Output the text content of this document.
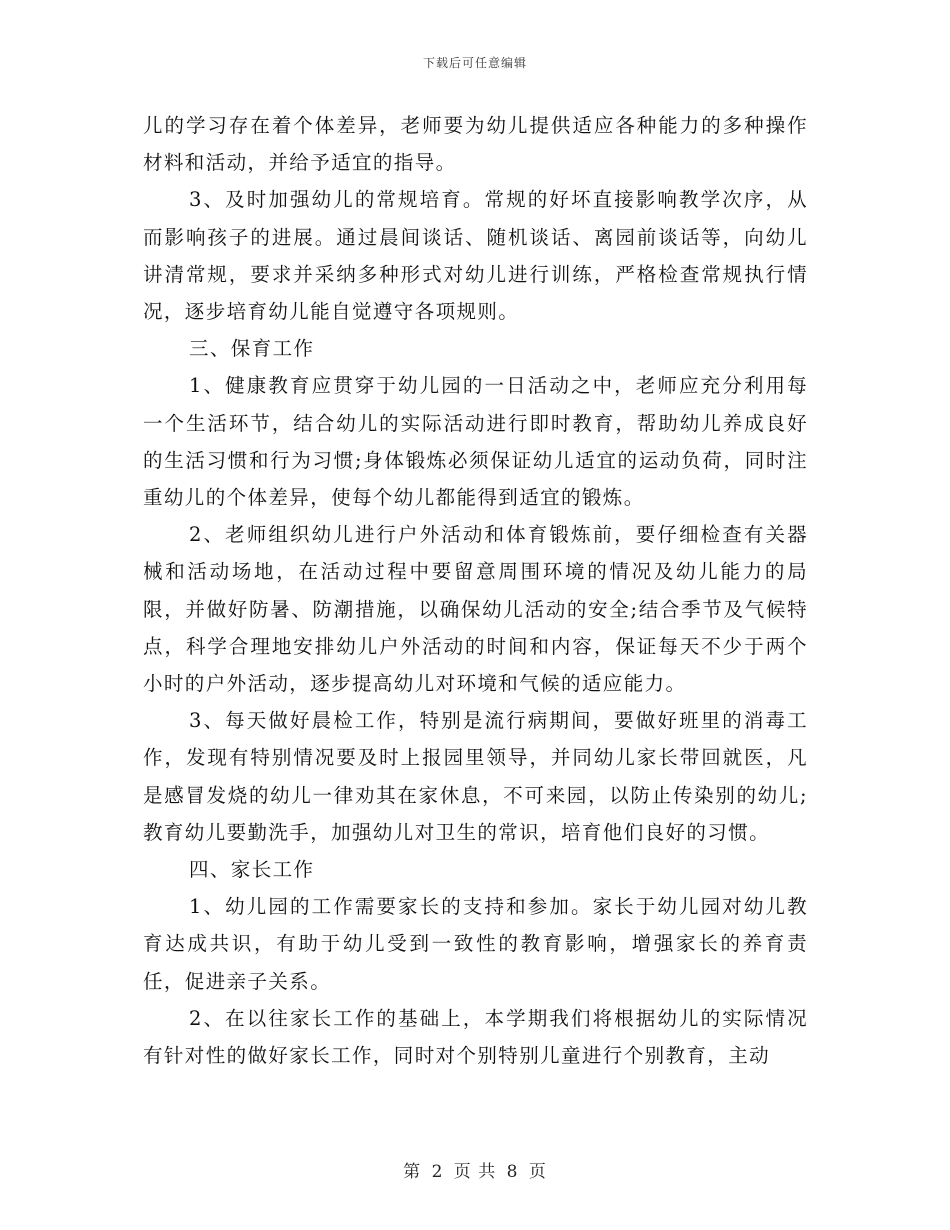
下载后可任意编辑

儿的学习存在着个体差异，老师要为幼儿提供适应各种能力的多种操作材料和活动，并给予适宜的指导。

3、及时加强幼儿的常规培育。常规的好坏直接影响教学次序，从而影响孩子的进展。通过晨间谈话、随机谈话、离园前谈话等，向幼儿讲清常规，要求并采纳多种形式对幼儿进行训练，严格检查常规执行情况，逐步培育幼儿能自觉遵守各项规则。

三、保育工作

1、健康教育应贯穿于幼儿园的一日活动之中，老师应充分利用每一个生活环节，结合幼儿的实际活动进行即时教育，帮助幼儿养成良好的生活习惯和行为习惯;身体锻炼必须保证幼儿适宜的运动负荷，同时注重幼儿的个体差异，使每个幼儿都能得到适宜的锻炼。

2、老师组织幼儿进行户外活动和体育锻炼前，要仔细检查有关器械和活动场地，在活动过程中要留意周围环境的情况及幼儿能力的局限，并做好防暑、防潮措施，以确保幼儿活动的安全;结合季节及气候特点，科学合理地安排幼儿户外活动的时间和内容，保证每天不少于两个小时的户外活动，逐步提高幼儿对环境和气候的适应能力。

3、每天做好晨检工作，特别是流行病期间，要做好班里的消毒工作，发现有特别情况要及时上报园里领导，并同幼儿家长带回就医，凡是感冒发烧的幼儿一律劝其在家休息，不可来园，以防止传染别的幼儿;教育幼儿要勤洗手，加强幼儿对卫生的常识，培育他们良好的习惯。

四、家长工作

1、幼儿园的工作需要家长的支持和参加。家长于幼儿园对幼儿教育达成共识，有助于幼儿受到一致性的教育影响，增强家长的养育责任，促进亲子关系。

2、在以往家长工作的基础上，本学期我们将根据幼儿的实际情况有针对性的做好家长工作，同时对个别特别儿童进行个别教育，主动

第 2 页 共 8 页
